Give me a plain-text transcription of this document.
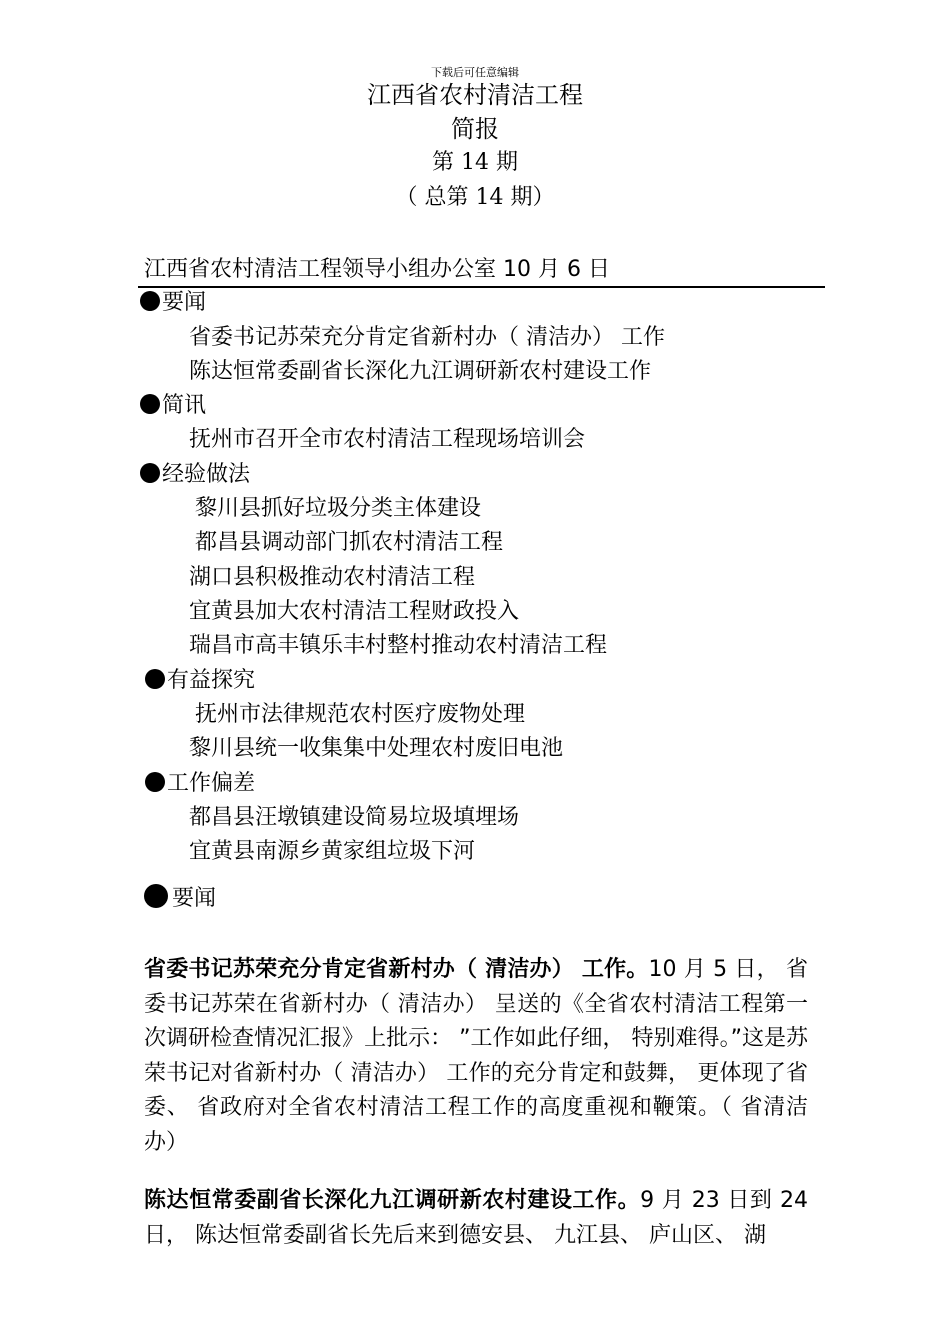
下载后可任意编辑
江西省农村清洁工程
简报
第 14 期
（ 总第 14 期）
江西省农村清洁工程领导小组办公室 10 月 6 日
要闻
省委书记苏荣充分肯定省新村办（ 清洁办） 工作
陈达恒常委副省长深化九江调研新农村建设工作
简讯
抚州市召开全市农村清洁工程现场培训会
经验做法
黎川县抓好垃圾分类主体建设
都昌县调动部门抓农村清洁工程
湖口县积极推动农村清洁工程
宜黄县加大农村清洁工程财政投入
瑞昌市高丰镇乐丰村整村推动农村清洁工程
有益探究
抚州市法律规范农村医疗废物处理
黎川县统一收集集中处理农村废旧电池
工作偏差
都昌县汪墩镇建设简易垃圾填埋场
宜黄县南源乡黄家组垃圾下河
要闻
省委书记苏荣充分肯定省新村办（ 清洁办） 工作。10 月 5 日， 省委书记苏荣在省新村办（ 清洁办） 呈送的《全省农村清洁工程第一次调研检查情况汇报》上批示： ”工作如此仔细， 特别难得。”这是苏荣书记对省新村办（ 清洁办） 工作的充分肯定和鼓舞， 更体现了省委、 省政府对全省农村清洁工程工作的高度重视和鞭策。（ 省清洁办）
陈达恒常委副省长深化九江调研新农村建设工作。9 月 23 日到 24 日， 陈达恒常委副省长先后来到德安县、 九江县、 庐山区、 湖
